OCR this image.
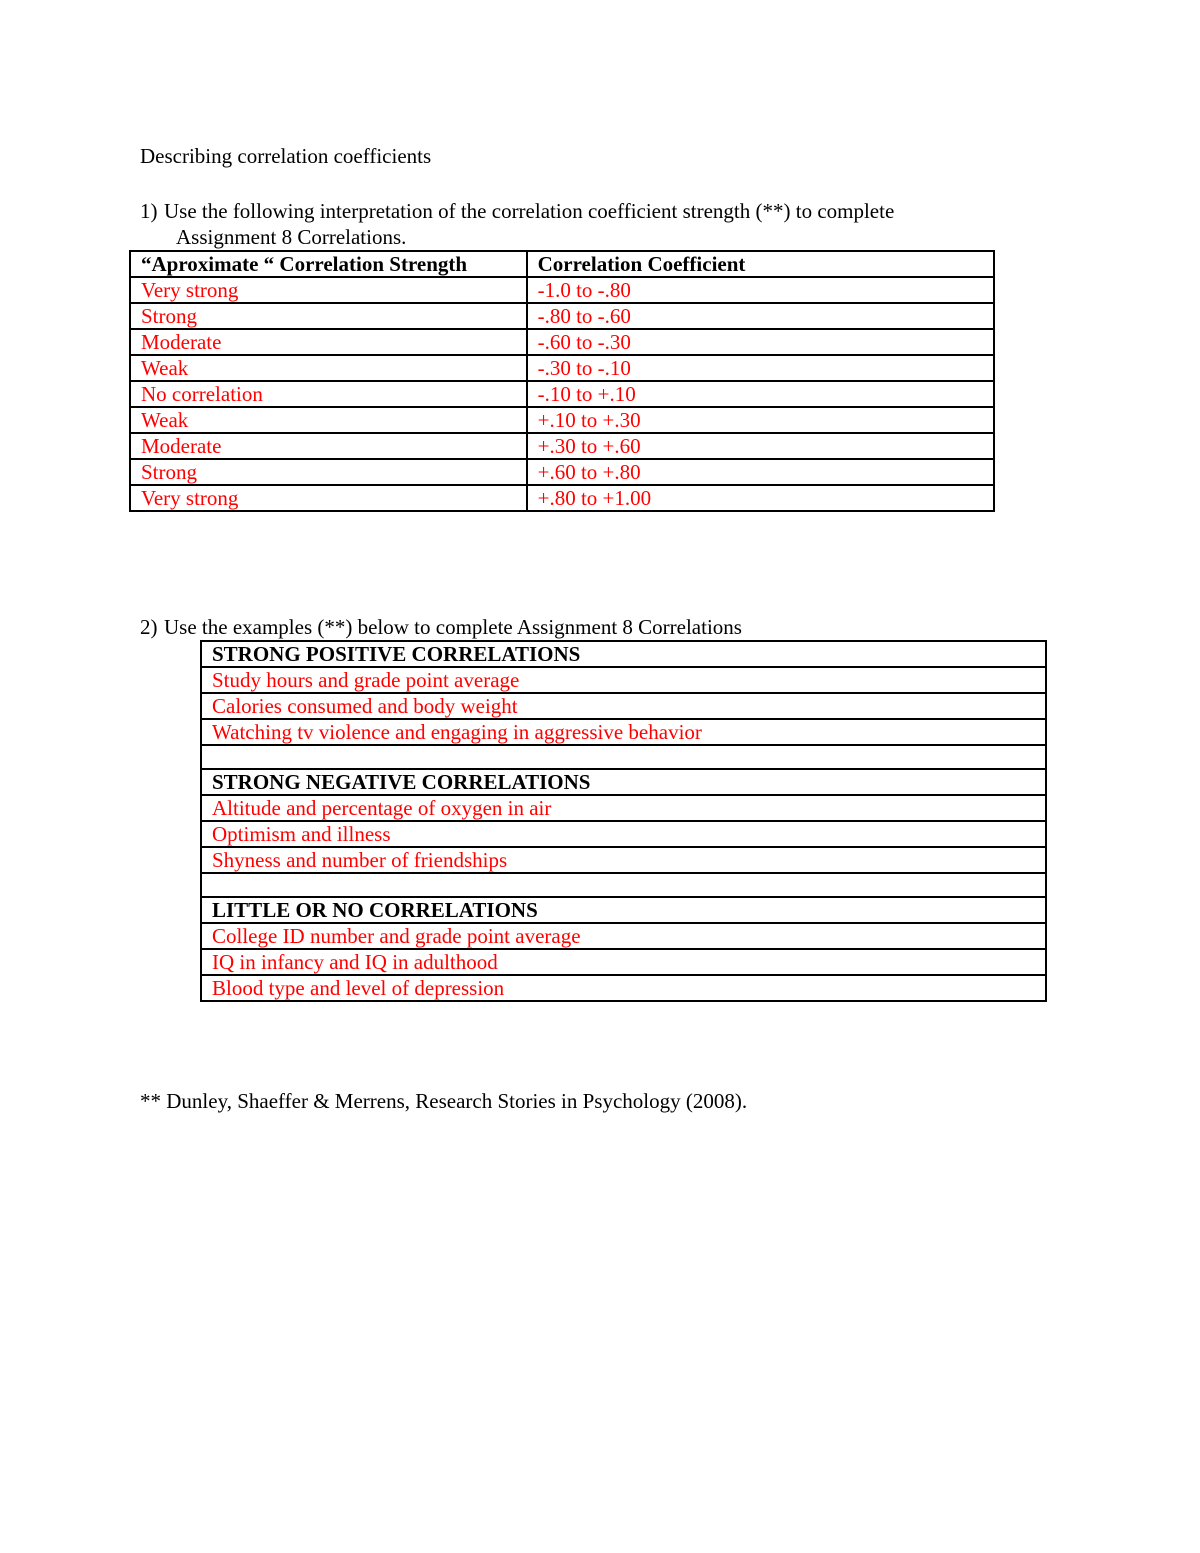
Describing correlation coefficients
1) Use the following interpretation of the correlation coefficient strength (**) to complete
Assignment 8 Correlations.
“Aproximate “ Correlation Strength	Correlation Coefficient
Very strong	-1.0 to -.80
Strong	-.80 to -.60
Moderate	-.60 to -.30
Weak	-.30 to -.10
No correlation	-.10 to +.10
Weak	+.10 to +.30
Moderate	+.30 to +.60
Strong	+.60 to +.80
Very strong	+.80 to +1.00
2) Use the examples (**) below to complete Assignment 8 Correlations
STRONG POSITIVE CORRELATIONS
Study hours and grade point average
Calories consumed and body weight
Watching tv violence and engaging in aggressive behavior

STRONG NEGATIVE CORRELATIONS
Altitude and percentage of oxygen in air
Optimism and illness
Shyness and number of friendships

LITTLE OR NO CORRELATIONS
College ID number and grade point average
IQ in infancy and IQ in adulthood
Blood type and level of depression
** Dunley, Shaeffer & Merrens, Research Stories in Psychology (2008).
